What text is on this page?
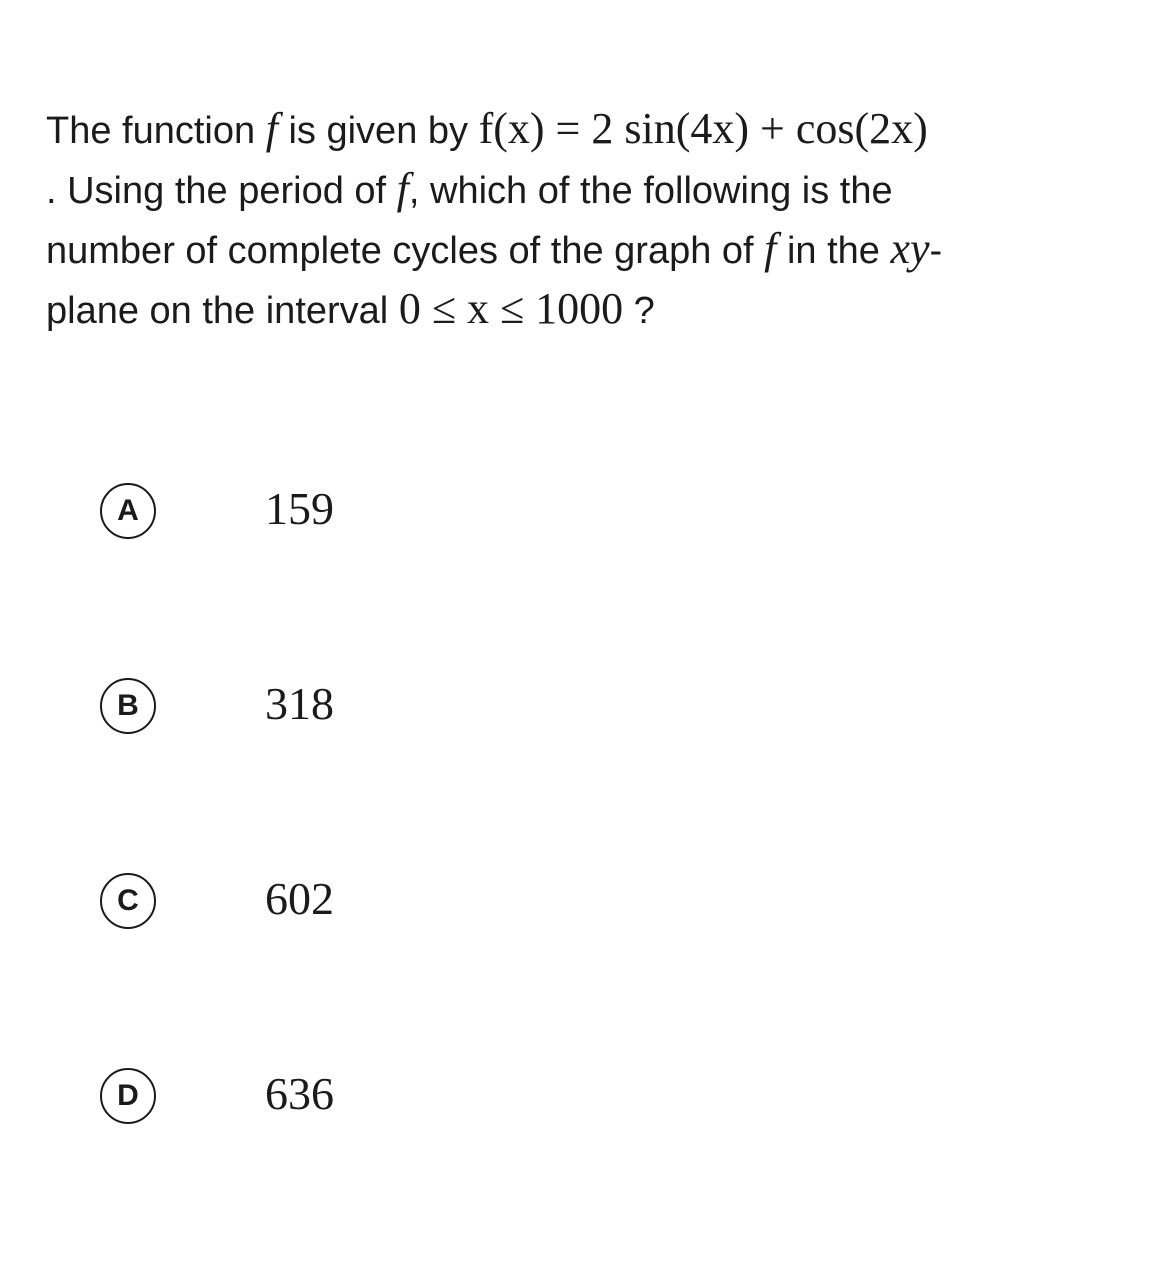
The function f is given by f(x) = 2 sin(4x) + cos(2x)
. Using the period of f, which of the following is the
number of complete cycles of the graph of f in the xy-
plane on the interval 0 ≤ x ≤ 1000 ?
A	159
B	318
C	602
D	636
